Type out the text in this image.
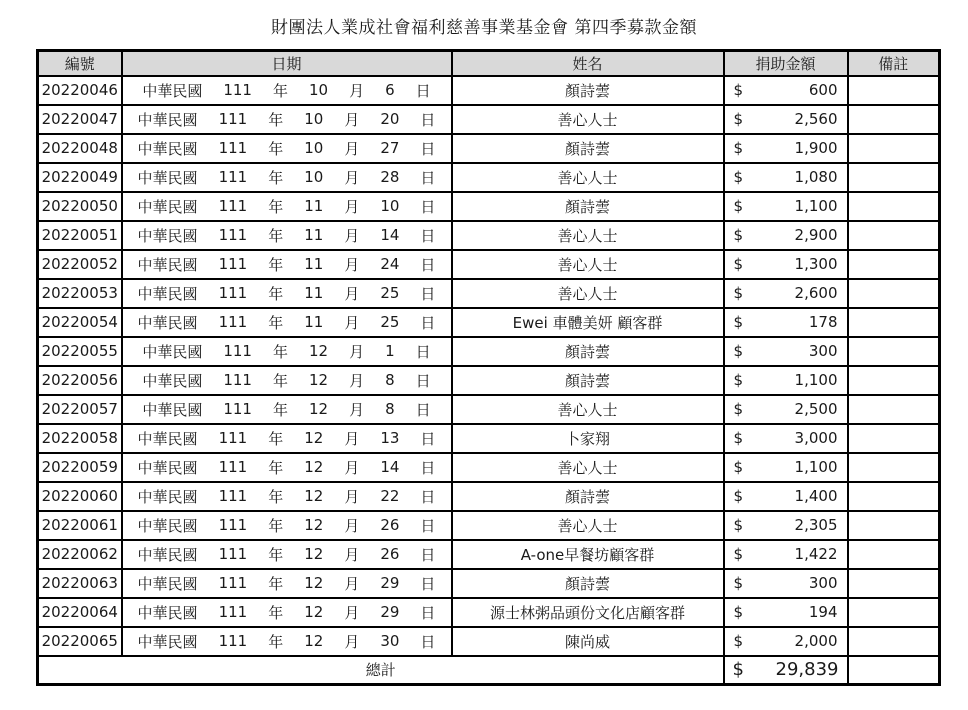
財團法人業成社會福利慈善事業基金會 第四季募款金額
編號	日期	姓名	捐助金額	備註
20220046	中華民國 111 年 10 月 6 日	顏詩蕓	$	600

20220047	中華民國 111 年 10 月 20 日	善心人士	$	2,560

20220048	中華民國 111 年 10 月 27 日	顏詩蕓	$	1,900

20220049	中華民國 111 年 10 月 28 日	善心人士	$	1,080

20220050	中華民國 111 年 11 月 10 日	顏詩蕓	$	1,100

20220051	中華民國 111 年 11 月 14 日	善心人士	$	2,900

20220052	中華民國 111 年 11 月 24 日	善心人士	$	1,300

20220053	中華民國 111 年 11 月 25 日	善心人士	$	2,600

20220054	中華民國 111 年 11 月 25 日	Ewei 車體美妍 顧客群	$	178

20220055	中華民國 111 年 12 月 1 日	顏詩蕓	$	300

20220056	中華民國 111 年 12 月 8 日	顏詩蕓	$	1,100

20220057	中華民國 111 年 12 月 8 日	善心人士	$	2,500

20220058	中華民國 111 年 12 月 13 日	卜家翔	$	3,000

20220059	中華民國 111 年 12 月 14 日	善心人士	$	1,100

20220060	中華民國 111 年 12 月 22 日	顏詩蕓	$	1,400

20220061	中華民國 111 年 12 月 26 日	善心人士	$	2,305

20220062	中華民國 111 年 12 月 26 日	A-one早餐坊顧客群	$	1,422

20220063	中華民國 111 年 12 月 29 日	顏詩蕓	$	300

20220064	中華民國 111 年 12 月 29 日	源士林粥品頭份文化店顧客群	$	194

20220065	中華民國 111 年 12 月 30 日	陳尚威	$	2,000

總計			$ 29,839	
